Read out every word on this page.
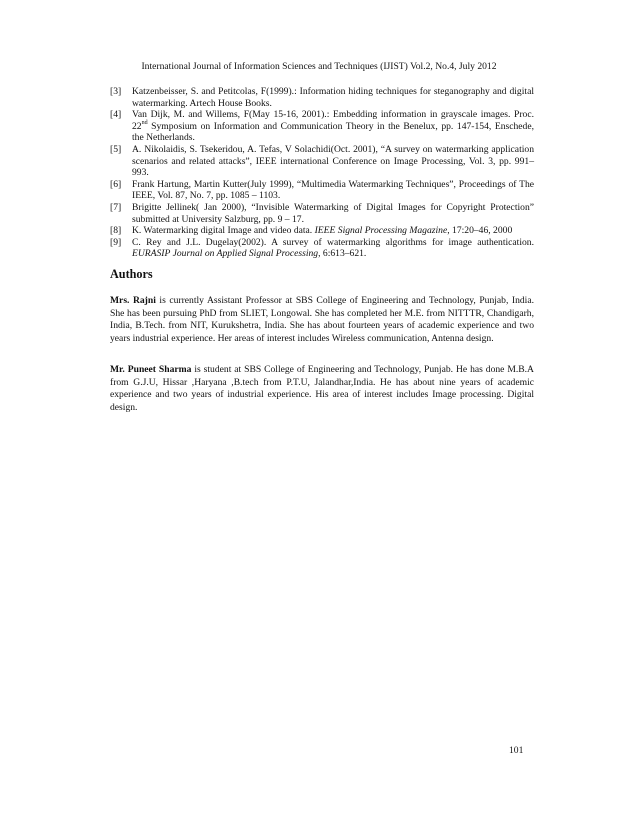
International Journal of Information Sciences and Techniques (IJIST) Vol.2, No.4, July 2012
[3] Katzenbeisser, S. and Petitcolas, F(1999).: Information hiding techniques for steganography and digital watermarking. Artech House Books.
[4] Van Dijk, M. and Willems, F(May 15-16, 2001).: Embedding information in grayscale images. Proc. 22nd Symposium on Information and Communication Theory in the Benelux, pp. 147-154, Enschede, the Netherlands.
[5] A. Nikolaidis, S. Tsekeridou, A. Tefas, V Solachidi(Oct. 2001), “A survey on watermarking application scenarios and related attacks”, IEEE international Conference on Image Processing, Vol. 3, pp. 991– 993.
[6] Frank Hartung, Martin Kutter(July 1999), “Multimedia Watermarking Techniques”, Proceedings of The IEEE, Vol. 87, No. 7, pp. 1085 – 1103.
[7] Brigitte Jellinek( Jan 2000), “Invisible Watermarking of Digital Images for Copyright Protection” submitted at University Salzburg, pp. 9 – 17.
[8] K. Watermarking digital Image and video data. IEEE Signal Processing Magazine, 17:20–46, 2000
[9] C. Rey and J.L. Dugelay(2002). A survey of watermarking algorithms for image authentication. EURASIP Journal on Applied Signal Processing, 6:613–621.
Authors

Mrs. Rajni is currently Assistant Professor at SBS College of Engineering and Technology, Punjab, India. She has been pursuing PhD from SLIET, Longowal. She has completed her M.E. from NITTTR, Chandigarh, India, B.Tech. from NIT, Kurukshetra, India. She has about fourteen years of academic experience and two years industrial experience. Her areas of interest includes Wireless communication, Antenna design.

Mr. Puneet Sharma is student at SBS College of Engineering and Technology, Punjab. He has done M.B.A from G.J.U, Hissar ,Haryana ,B.tech from P.T.U, Jalandhar,India. He has about nine years of academic experience and two years of industrial experience. His area of interest includes Image processing. Digital design.

101
